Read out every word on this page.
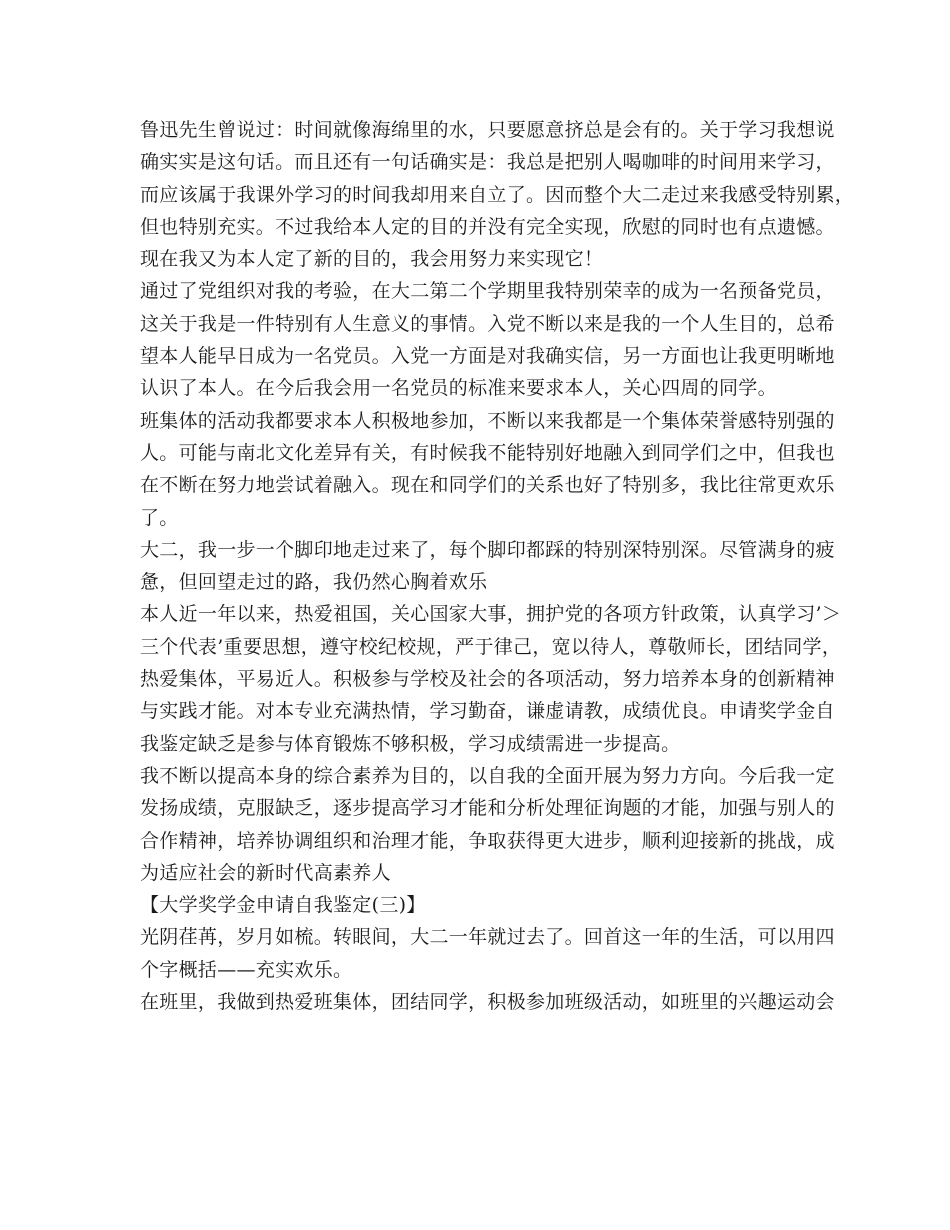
鲁迅先生曾说过：时间就像海绵里的水，只要愿意挤总是会有的。关于学习我想说
确实实是这句话。而且还有一句话确实是：我总是把别人喝咖啡的时间用来学习，
而应该属于我课外学习的时间我却用来自立了。因而整个大二走过来我感受特别累，
但也特别充实。不过我给本人定的目的并没有完全实现，欣慰的同时也有点遗憾。
现在我又为本人定了新的目的，我会用努力来实现它！
通过了党组织对我的考验，在大二第二个学期里我特别荣幸的成为一名预备党员，
这关于我是一件特别有人生意义的事情。入党不断以来是我的一个人生目的，总希
望本人能早日成为一名党员。入党一方面是对我确实信，另一方面也让我更明晰地
认识了本人。在今后我会用一名党员的标准来要求本人，关心四周的同学。
班集体的活动我都要求本人积极地参加，不断以来我都是一个集体荣誉感特别强的
人。可能与南北文化差异有关，有时候我不能特别好地融入到同学们之中，但我也
在不断在努力地尝试着融入。现在和同学们的关系也好了特别多，我比往常更欢乐
了。
大二，我一步一个脚印地走过来了，每个脚印都踩的特别深特别深。尽管满身的疲
惫，但回望走过的路，我仍然心胸着欢乐
本人近一年以来，热爱祖国，关心国家大事，拥护党的各项方针政策，认真学习’＞
三个代表’重要思想，遵守校纪校规，严于律己，宽以待人，尊敬师长，团结同学，
热爱集体，平易近人。积极参与学校及社会的各项活动，努力培养本身的创新精神
与实践才能。对本专业充满热情，学习勤奋，谦虚请教，成绩优良。申请奖学金自
我鉴定缺乏是参与体育锻炼不够积极，学习成绩需进一步提高。
我不断以提高本身的综合素养为目的，以自我的全面开展为努力方向。今后我一定
发扬成绩，克服缺乏，逐步提高学习才能和分析处理征询题的才能，加强与别人的
合作精神，培养协调组织和治理才能，争取获得更大进步，顺利迎接新的挑战，成
为适应社会的新时代高素养人
【大学奖学金申请自我鉴定(三)】
光阴荏苒，岁月如梳。转眼间，大二一年就过去了。回首这一年的生活，可以用四
个字概括——充实欢乐。
在班里，我做到热爱班集体，团结同学，积极参加班级活动，如班里的兴趣运动会
